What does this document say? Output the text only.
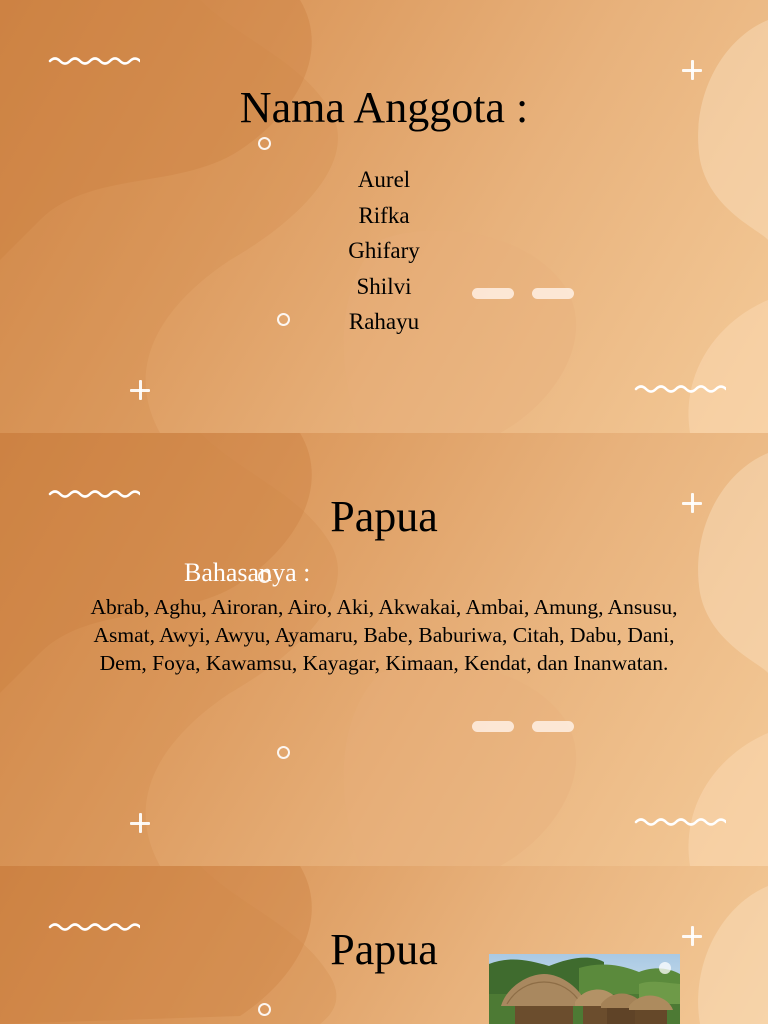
Nama Anggota :
Aurel
Rifka
Ghifary
Shilvi
Rahayu
Papua
Bahasanya :

Abrab, Aghu, Airoran, Airo, Aki, Akwakai, Ambai, Amung, Ansusu, Asmat, Awyi, Awyu, Ayamaru, Babe, Baburiwa, Citah, Dabu, Dani, Dem, Foya, Kawamsu, Kayagar, Kimaan, Kendat, dan Inanwatan.

Papua
